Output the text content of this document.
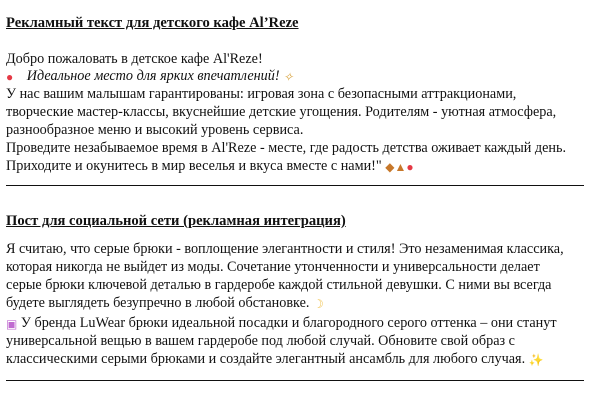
Рекламный текст для детского кафе Al’Reze
Добро пожаловать в детское кафе Al'Reze!
● Идеальное место для ярких впечатлений! ✧
У нас вашим малышам гарантированы: игровая зона с безопасными аттракционами,
творческие мастер-классы, вкуснейшие детские угощения. Родителям - уютная атмосфера,
разнообразное меню и высокий уровень сервиса.
Проведите незабываемое время в Al'Reze - месте, где радость детства оживает каждый день.
Приходите и окунитесь в мир веселья и вкуса вместе с нами!" ◆▲●
Пост для социальной сети (рекламная интеграция)
Я считаю, что серые брюки - воплощение элегантности и стиля! Это незаменимая классика,
которая никогда не выйдет из моды. Сочетание утонченности и универсальности делает
серые брюки ключевой деталью в гардеробе каждой стильной девушки. С ними вы всегда
будете выглядеть безупречно в любой обстановке. ☽
▣ У бренда LuWear брюки идеальной посадки и благородного серого оттенка – они станут
универсальной вещью в вашем гардеробе под любой случай. Обновите свой образ с
классическими серыми брюками и создайте элегантный ансамбль для любого случая. ✨
